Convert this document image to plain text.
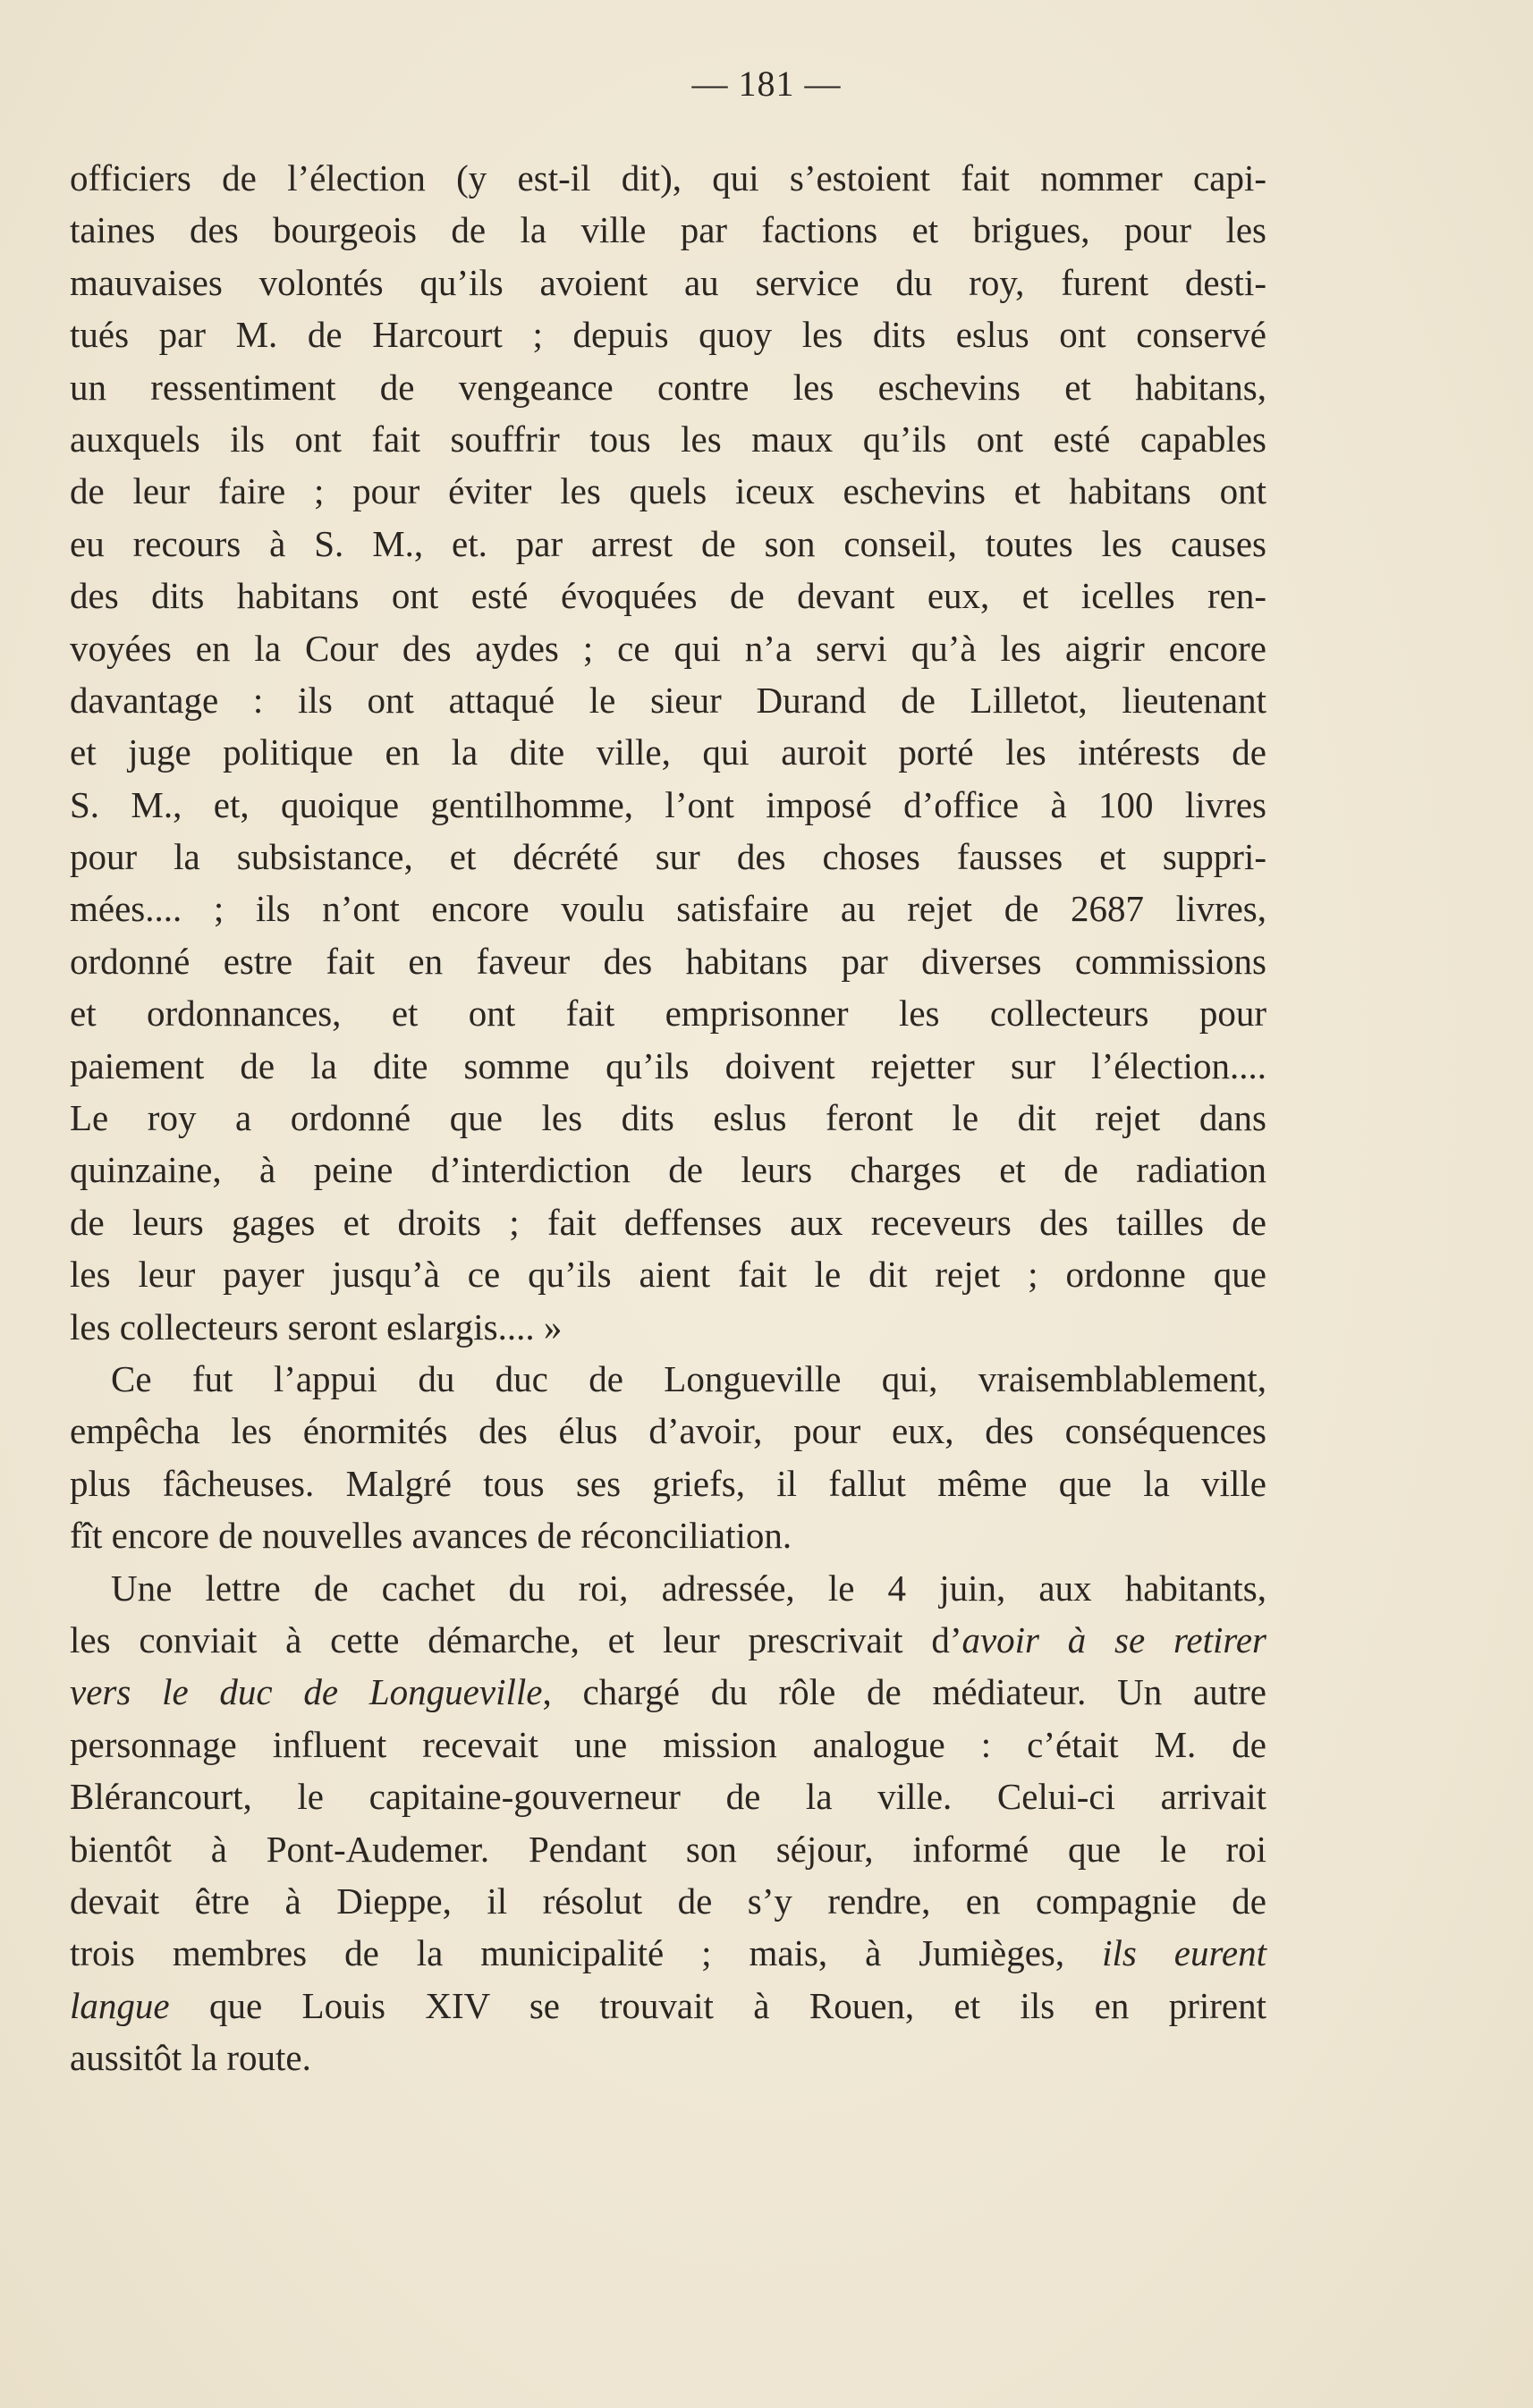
— 181 —
officiers de l’élection (y est-il dit), qui s’estoient fait nommer capi-
taines des bourgeois de la ville par factions et brigues, pour les
mauvaises volontés qu’ils avoient au service du roy, furent desti-
tués par M. de Harcourt ; depuis quoy les dits eslus ont conservé
un ressentiment de vengeance contre les eschevins et habitans,
auxquels ils ont fait souffrir tous les maux qu’ils ont esté capables
de leur faire ; pour éviter les quels iceux eschevins et habitans ont
eu recours à S. M., et. par arrest de son conseil, toutes les causes
des dits habitans ont esté évoquées de devant eux, et icelles ren-
voyées en la Cour des aydes ; ce qui n’a servi qu’à les aigrir encore
davantage : ils ont attaqué le sieur Durand de Lilletot, lieutenant
et juge politique en la dite ville, qui auroit porté les intérests de
S. M., et, quoique gentilhomme, l’ont imposé d’office à 100 livres
pour la subsistance, et décrété sur des choses fausses et suppri-
mées.... ; ils n’ont encore voulu satisfaire au rejet de 2687 livres,
ordonné estre fait en faveur des habitans par diverses commissions
et ordonnances, et ont fait emprisonner les collecteurs pour
paiement de la dite somme qu’ils doivent rejetter sur l’élection....
Le roy a ordonné que les dits eslus feront le dit rejet dans
quinzaine, à peine d’interdiction de leurs charges et de radiation
de leurs gages et droits ; fait deffenses aux receveurs des tailles de
les leur payer jusqu’à ce qu’ils aient fait le dit rejet ; ordonne que
les collecteurs seront eslargis.... »
Ce fut l’appui du duc de Longueville qui, vraisemblablement,
empêcha les énormités des élus d’avoir, pour eux, des conséquences
plus fâcheuses. Malgré tous ses griefs, il fallut même que la ville
fît encore de nouvelles avances de réconciliation.
Une lettre de cachet du roi, adressée, le 4 juin, aux habitants,
les conviait à cette démarche, et leur prescrivait d’avoir à se retirer
vers le duc de Longueville, chargé du rôle de médiateur. Un autre
personnage influent recevait une mission analogue : c’était M. de
Blérancourt, le capitaine-gouverneur de la ville. Celui-ci arrivait
bientôt à Pont-Audemer. Pendant son séjour, informé que le roi
devait être à Dieppe, il résolut de s’y rendre, en compagnie de
trois membres de la municipalité ; mais, à Jumièges, ils eurent
langue que Louis XIV se trouvait à Rouen, et ils en prirent
aussitôt la route.
